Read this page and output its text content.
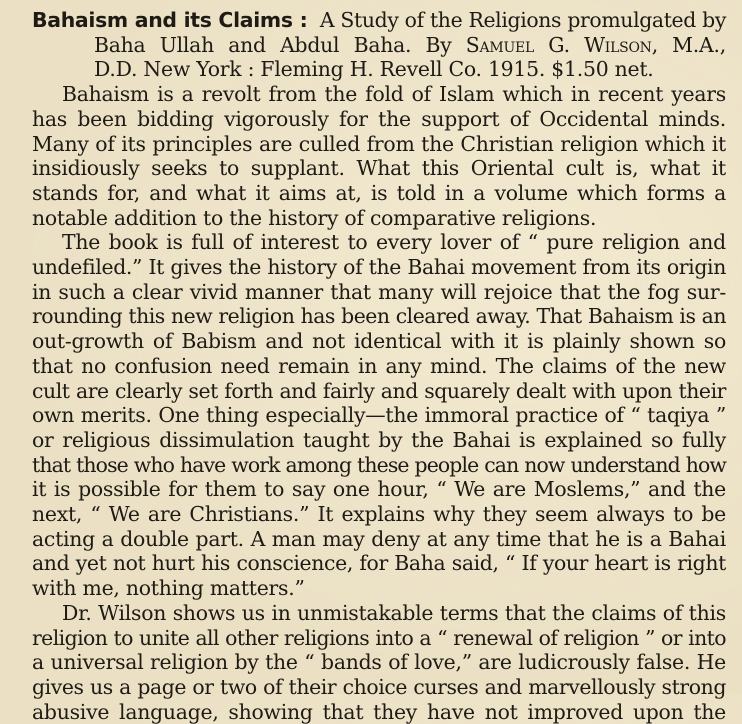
Bahaism and its Claims : A Study of the Religions promulgated by
Baha Ullah and Abdul Baha. By Samuel G. Wilson, M.A.,
D.D. New York : Fleming H. Revell Co. 1915. $1.50 net.
Bahaism is a revolt from the fold of Islam which in recent years
has been bidding vigorously for the support of Occidental minds.
Many of its principles are culled from the Christian religion which it
insidiously seeks to supplant. What this Oriental cult is, what it
stands for, and what it aims at, is told in a volume which forms a
notable addition to the history of comparative religions.
The book is full of interest to every lover of “ pure religion and
undefiled.” It gives the history of the Bahai movement from its origin
in such a clear vivid manner that many will rejoice that the fog sur-
rounding this new religion has been cleared away. That Bahaism is an
out-growth of Babism and not identical with it is plainly shown so
that no confusion need remain in any mind. The claims of the new
cult are clearly set forth and fairly and squarely dealt with upon their
own merits. One thing especially—the immoral practice of “ taqiya ”
or religious dissimulation taught by the Bahai is explained so fully
that those who have work among these people can now understand how
it is possible for them to say one hour, “ We are Moslems,” and the
next, “ We are Christians.” It explains why they seem always to be
acting a double part. A man may deny at any time that he is a Bahai
and yet not hurt his conscience, for Baha said, “ If your heart is right
with me, nothing matters.”
Dr. Wilson shows us in unmistakable terms that the claims of this
religion to unite all other religions into a “ renewal of religion ” or into
a universal religion by the “ bands of love,” are ludicrously false. He
gives us a page or two of their choice curses and marvellously strong
abusive language, showing that they have not improved upon the
